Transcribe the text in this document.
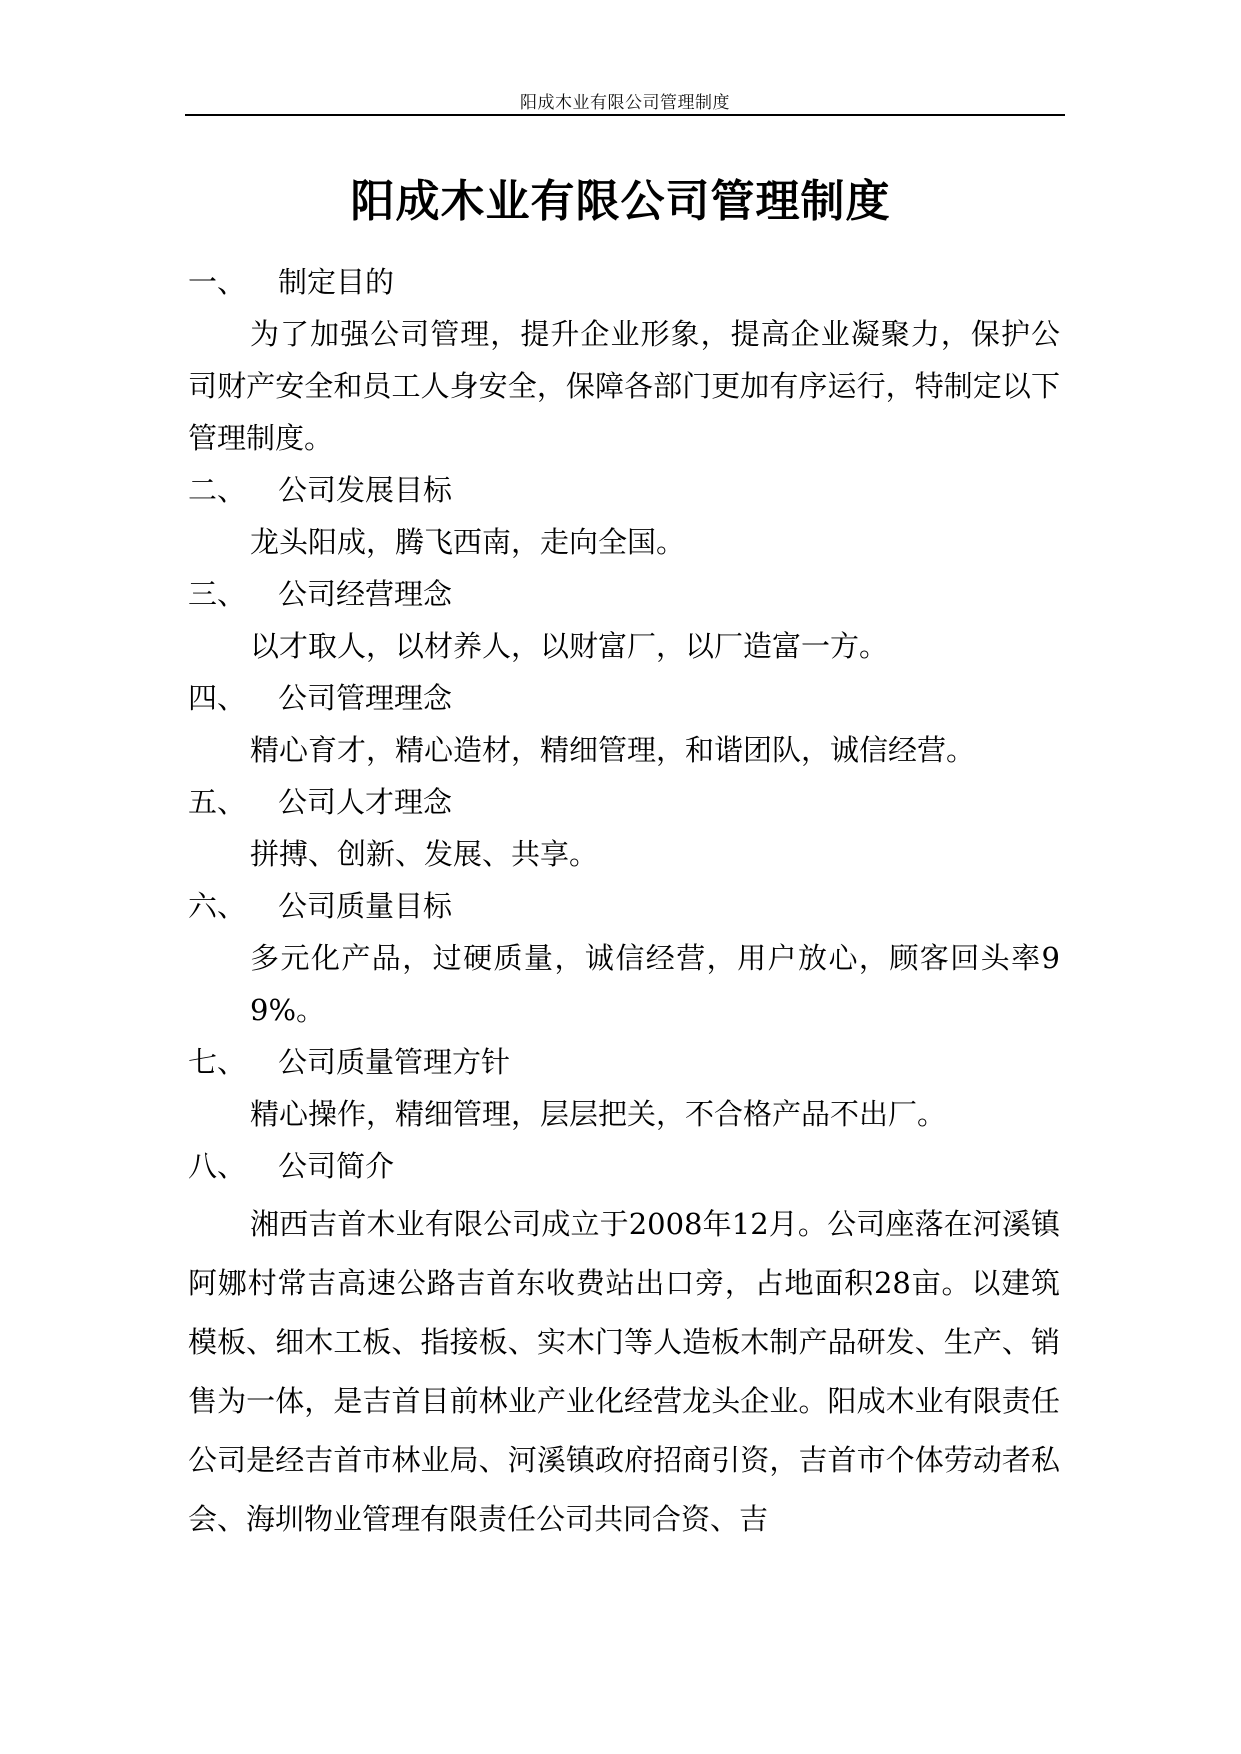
阳成木业有限公司管理制度
阳成木业有限公司管理制度
一、 制定目的

为了加强公司管理，提升企业形象，提高企业凝聚力，保护公司财产安全和员工人身安全，保障各部门更加有序运行，特制定以下管理制度。

二、 公司发展目标

龙头阳成，腾飞西南，走向全国。

三、 公司经营理念

以才取人，以材养人，以财富厂，以厂造富一方。

四、 公司管理理念

精心育才，精心造材，精细管理，和谐团队，诚信经营。

五、 公司人才理念

拼搏、创新、发展、共享。

六、 公司质量目标

多元化产品，过硬质量，诚信经营，用户放心，顾客回头率99%。

七、 公司质量管理方针

精心操作，精细管理，层层把关，不合格产品不出厂。

八、 公司简介

湘西吉首木业有限公司成立于2008年12月。公司座落在河溪镇阿娜村常吉高速公路吉首东收费站出口旁，占地面积28亩。以建筑模板、细木工板、指接板、实木门等人造板木制产品研发、生产、销售为一体，是吉首目前林业产业化经营龙头企业。阳成木业有限责任公司是经吉首市林业局、河溪镇政府招商引资，吉首市个体劳动者私会、海圳物业管理有限责任公司共同合资、吉
